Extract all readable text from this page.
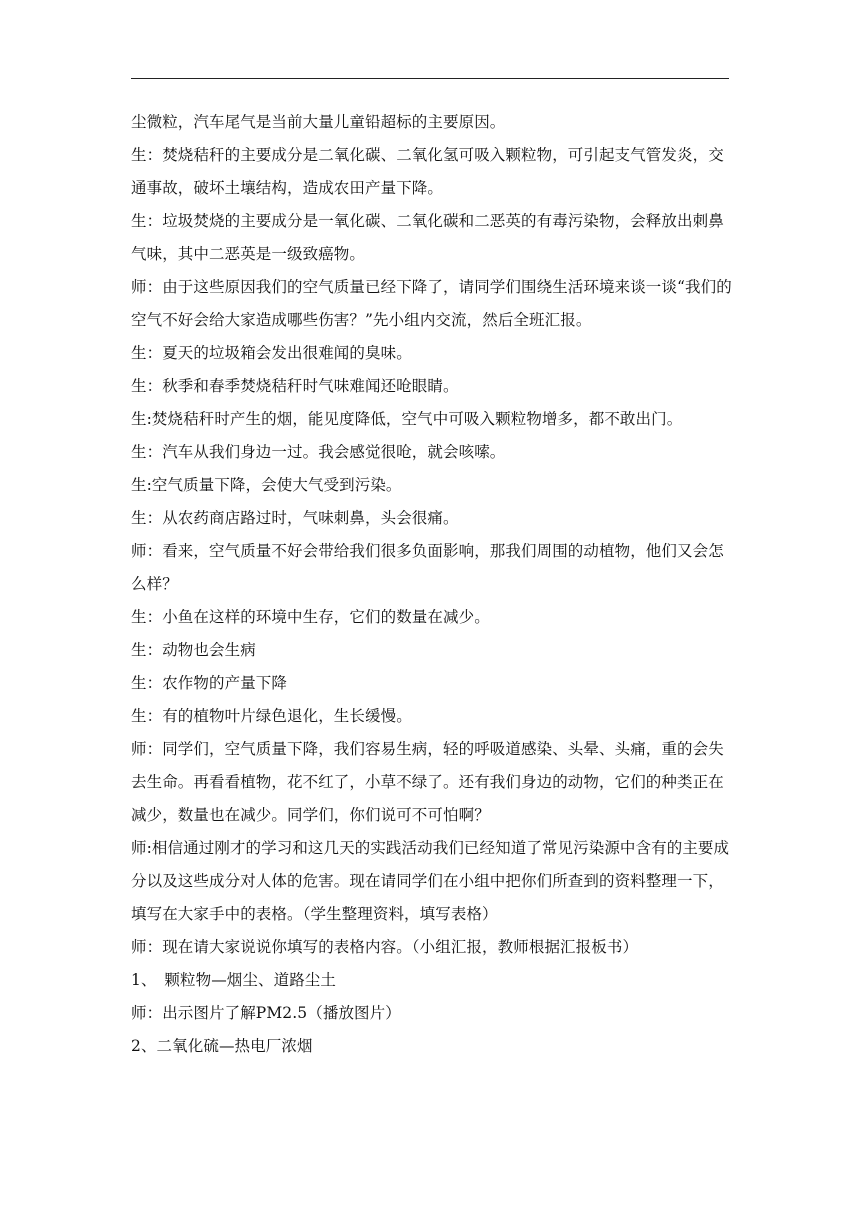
尘微粒，汽车尾气是当前大量儿童铅超标的主要原因。

生：焚烧秸秆的主要成分是二氧化碳、二氧化氢可吸入颗粒物，可引起支气管发炎，交通事故，破坏土壤结构，造成农田产量下降。

生：垃圾焚烧的主要成分是一氧化碳、二氧化碳和二恶英的有毒污染物，会释放出刺鼻气味，其中二恶英是一级致癌物。

师：由于这些原因我们的空气质量已经下降了，请同学们围绕生活环境来谈一谈“我们的空气不好会给大家造成哪些伤害？”先小组内交流，然后全班汇报。

生：夏天的垃圾箱会发出很难闻的臭味。

生：秋季和春季焚烧秸秆时气味难闻还呛眼睛。

生:焚烧秸秆时产生的烟，能见度降低，空气中可吸入颗粒物增多，都不敢出门。

生：汽车从我们身边一过。我会感觉很呛，就会咳嗦。

生:空气质量下降，会使大气受到污染。

生：从农药商店路过时，气味刺鼻，头会很痛。

师：看来，空气质量不好会带给我们很多负面影响，那我们周围的动植物，他们又会怎么样？

生：小鱼在这样的环境中生存，它们的数量在减少。

生：动物也会生病

生：农作物的产量下降

生：有的植物叶片绿色退化，生长缓慢。

师：同学们，空气质量下降，我们容易生病，轻的呼吸道感染、头晕、头痛，重的会失去生命。再看看植物，花不红了，小草不绿了。还有我们身边的动物，它们的种类正在减少，数量也在减少。同学们，你们说可不可怕啊？

师:相信通过刚才的学习和这几天的实践活动我们已经知道了常见污染源中含有的主要成分以及这些成分对人体的危害。现在请同学们在小组中把你们所查到的资料整理一下，填写在大家手中的表格。（学生整理资料，填写表格）

师：现在请大家说说你填写的表格内容。（小组汇报，教师根据汇报板书）

1、　颗粒物—烟尘、道路尘土

师：出示图片了解PM2.5（播放图片）

2、二氧化硫—热电厂浓烟
